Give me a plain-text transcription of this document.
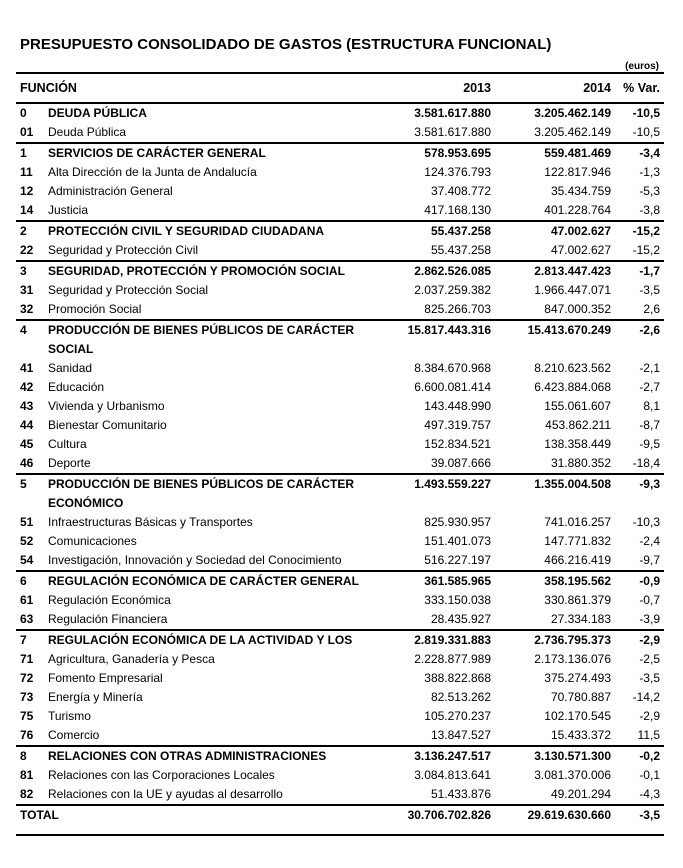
PRESUPUESTO CONSOLIDADO DE GASTOS (ESTRUCTURA FUNCIONAL)
(euros)
FUNCIÓN		2013	2014	% Var.
0	DEUDA PÚBLICA	3.581.617.880	3.205.462.149	-10,5
01	Deuda Pública	3.581.617.880	3.205.462.149	-10,5
1	SERVICIOS DE CARÁCTER GENERAL	578.953.695	559.481.469	-3,4
11	Alta Dirección de la Junta de Andalucía	124.376.793	122.817.946	-1,3
12	Administración General	37.408.772	35.434.759	-5,3
14	Justicia	417.168.130	401.228.764	-3,8
2	PROTECCIÓN CIVIL Y SEGURIDAD CIUDADANA	55.437.258	47.002.627	-15,2
22	Seguridad y Protección Civil	55.437.258	47.002.627	-15,2
3	SEGURIDAD, PROTECCIÓN Y PROMOCIÓN SOCIAL	2.862.526.085	2.813.447.423	-1,7
31	Seguridad y Protección Social	2.037.259.382	1.966.447.071	-3,5
32	Promoción Social	825.266.703	847.000.352	2,6
4	PRODUCCIÓN DE BIENES PÚBLICOS DE CARÁCTER SOCIAL	15.817.443.316	15.413.670.249	-2,6
41	Sanidad	8.384.670.968	8.210.623.562	-2,1
42	Educación	6.600.081.414	6.423.884.068	-2,7
43	Vivienda y Urbanismo	143.448.990	155.061.607	8,1
44	Bienestar Comunitario	497.319.757	453.862.211	-8,7
45	Cultura	152.834.521	138.358.449	-9,5
46	Deporte	39.087.666	31.880.352	-18,4
5	PRODUCCIÓN DE BIENES PÚBLICOS DE CARÁCTER ECONÓMICO	1.493.559.227	1.355.004.508	-9,3
51	Infraestructuras Básicas y Transportes	825.930.957	741.016.257	-10,3
52	Comunicaciones	151.401.073	147.771.832	-2,4
54	Investigación, Innovación y Sociedad del Conocimiento	516.227.197	466.216.419	-9,7
6	REGULACIÓN ECONÓMICA DE CARÁCTER GENERAL	361.585.965	358.195.562	-0,9
61	Regulación Económica	333.150.038	330.861.379	-0,7
63	Regulación Financiera	28.435.927	27.334.183	-3,9
7	REGULACIÓN ECONÓMICA DE LA ACTIVIDAD Y LOS	2.819.331.883	2.736.795.373	-2,9
71	Agricultura, Ganadería y Pesca	2.228.877.989	2.173.136.076	-2,5
72	Fomento Empresarial	388.822.868	375.274.493	-3,5
73	Energía y Minería	82.513.262	70.780.887	-14,2
75	Turismo	105.270.237	102.170.545	-2,9
76	Comercio	13.847.527	15.433.372	11,5
8	RELACIONES CON OTRAS ADMINISTRACIONES	3.136.247.517	3.130.571.300	-0,2
81	Relaciones con las Corporaciones Locales	3.084.813.641	3.081.370.006	-0,1
82	Relaciones con la UE y ayudas al desarrollo	51.433.876	49.201.294	-4,3
TOTAL		30.706.702.826	29.619.630.660	-3,5
